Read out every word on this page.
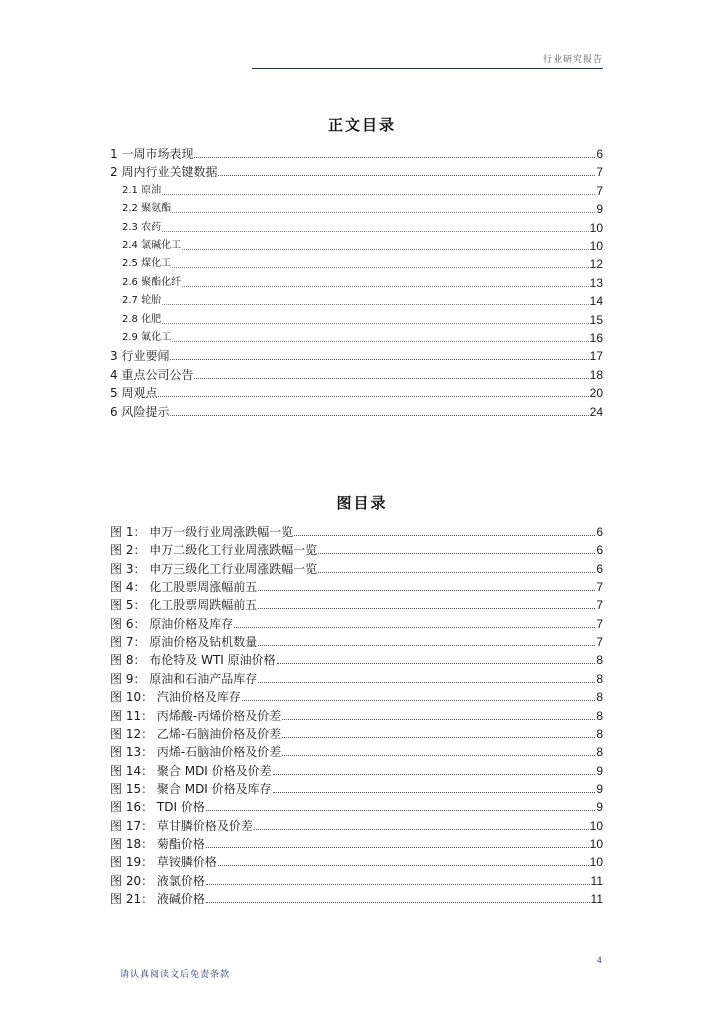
行业研究报告
正文目录
1 一周市场表现	6
2 周内行业关键数据	7
2.1 原油	7
2.2 聚氨酯	9
2.3 农药	10
2.4 氯碱化工	10
2.5 煤化工	12
2.6 聚酯化纤	13
2.7 轮胎	14
2.8 化肥	15
2.9 氟化工	16
3 行业要闻	17
4 重点公司公告	18
5 周观点	20
6 风险提示	24
图目录
图 1： 申万一级行业周涨跌幅一览	6
图 2： 申万二级化工行业周涨跌幅一览	6
图 3： 申万三级化工行业周涨跌幅一览	6
图 4： 化工股票周涨幅前五	7
图 5： 化工股票周跌幅前五	7
图 6： 原油价格及库存	7
图 7： 原油价格及钻机数量	7
图 8： 布伦特及 WTI 原油价格	8
图 9： 原油和石油产品库存	8
图 10： 汽油价格及库存	8
图 11： 丙烯酸-丙烯价格及价差	8
图 12： 乙烯-石脑油价格及价差	8
图 13： 丙烯-石脑油价格及价差	8
图 14： 聚合 MDI 价格及价差	9
图 15： 聚合 MDI 价格及库存	9
图 16： TDI 价格	9
图 17： 草甘膦价格及价差	10
图 18： 菊酯价格	10
图 19： 草铵膦价格	10
图 20： 液氯价格	11
图 21： 液碱价格	11
4
请认真阅读文后免责条款
